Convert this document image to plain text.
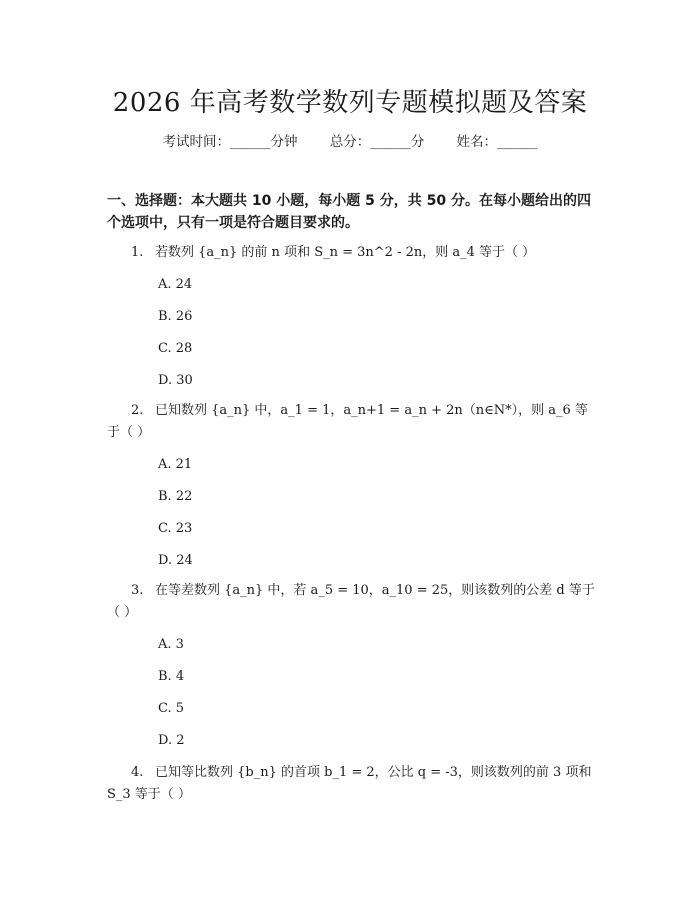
2026 年高考数学数列专题模拟题及答案
考试时间：______分钟 总分：______分 姓名：______
一、选择题：本大题共 10 小题，每小题 5 分，共 50 分。在每小题给出的四个选项中，只有一项是符合题目要求的。
1. 若数列 {a_n} 的前 n 项和 S_n = 3n^2 - 2n，则 a_4 等于（ ）
A. 24
B. 26
C. 28
D. 30
2. 已知数列 {a_n} 中，a_1 = 1，a_n+1 = a_n + 2n（n∈N*），则 a_6 等于（ ）
A. 21
B. 22
C. 23
D. 24
3. 在等差数列 {a_n} 中，若 a_5 = 10，a_10 = 25，则该数列的公差 d 等于（ ）
A. 3
B. 4
C. 5
D. 2
4. 已知等比数列 {b_n} 的首项 b_1 = 2，公比 q = -3，则该数列的前 3 项和 S_3 等于（ ）
